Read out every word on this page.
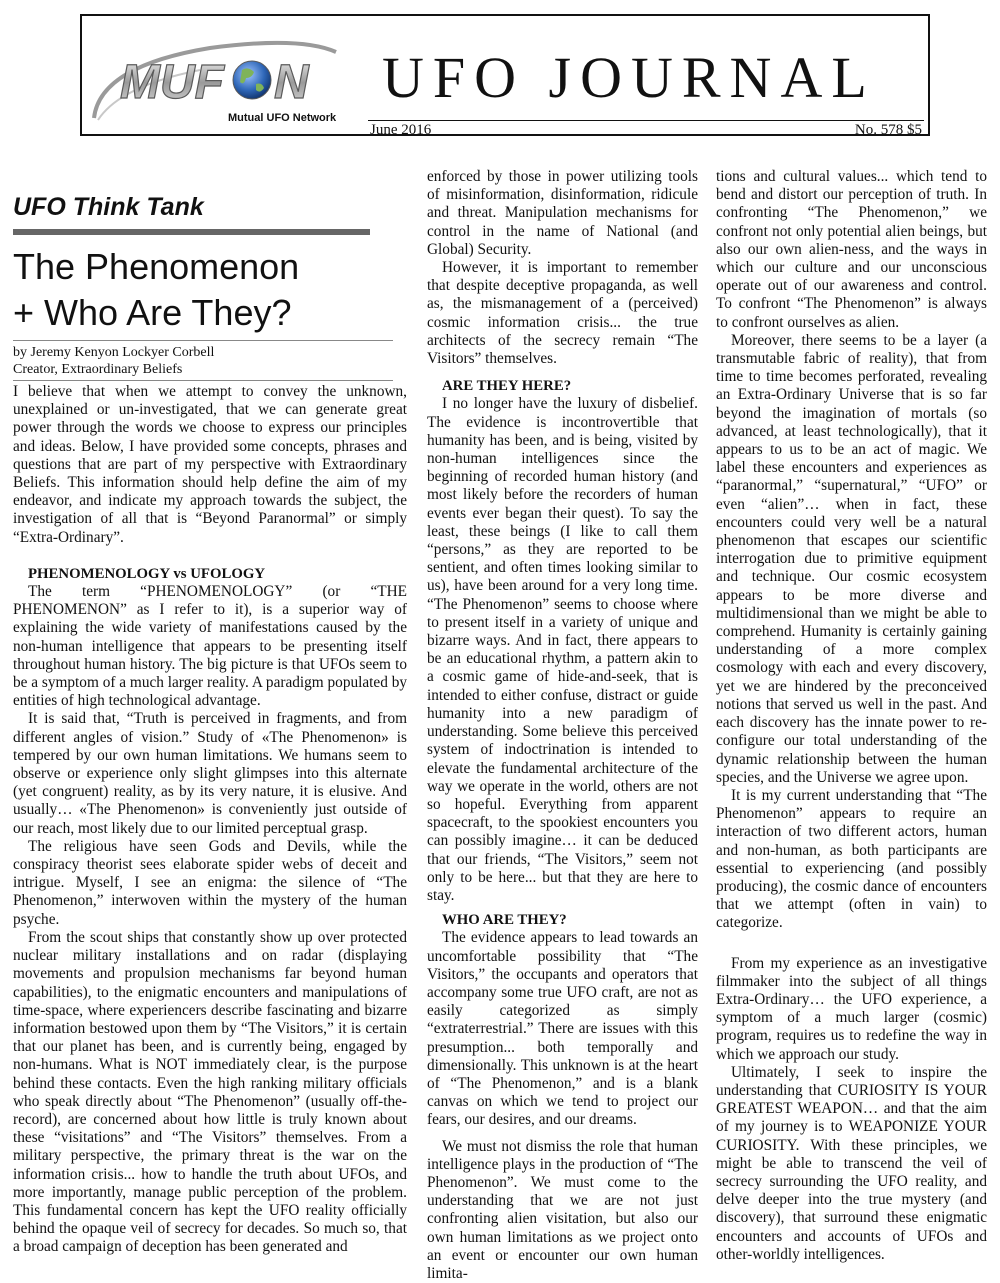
MUF N
Mutual UFO Network
UFO JOURNAL
June 2016	No. 578 $5
UFO Think Tank
The Phenomenon
+ Who Are They?
by Jeremy Kenyon Lockyer Corbell
Creator, Extraordinary Beliefs

I believe that when we attempt to convey the unknown, unexplained or un-investigated, that we can generate great power through the words we choose to express our principles and ideas. Below, I have provided some concepts, phrases and questions that are part of my perspective with Extraordinary Beliefs. This information should help define the aim of my endeavor, and indicate my approach towards the subject, the investigation of all that is “Beyond Paranormal” or simply “Extra-Ordinary”.

PHENOMENOLOGY vs UFOLOGY

The term “PHENOMENOLOGY” (or “THE PHENOMENON” as I refer to it), is a superior way of explaining the wide variety of manifestations caused by the non-human intelligence that appears to be presenting itself throughout human history. The big picture is that UFOs seem to be a symptom of a much larger reality. A paradigm populated by entities of high technological advantage.

It is said that, “Truth is perceived in fragments, and from different angles of vision.” Study of «The Phenomenon» is tempered by our own human limitations. We humans seem to observe or experience only slight glimpses into this alternate (yet congruent) reality, as by its very nature, it is elusive. And usually… «The Phenomenon» is conveniently just outside of our reach, most likely due to our limited perceptual grasp.

The religious have seen Gods and Devils, while the conspiracy theorist sees elaborate spider webs of deceit and intrigue. Myself, I see an enigma: the silence of “The Phenomenon,” interwoven within the mystery of the human psyche.

From the scout ships that constantly show up over protected nuclear military installations and on radar (displaying movements and propulsion mechanisms far beyond human capabilities), to the enigmatic encounters and manipulations of time-space, where experiencers describe fascinating and bizarre information bestowed upon them by “The Visitors,” it is certain that our planet has been, and is currently being, engaged by non-humans. What is NOT immediately clear, is the purpose behind these contacts. Even the high ranking military officials who speak directly about “The Phenomenon” (usually off-the-record), are concerned about how little is truly known about these “visitations” and “The Visitors” themselves. From a military perspective, the primary threat is the war on the information crisis... how to handle the truth about UFOs, and more importantly, manage public perception of the problem. This fundamental concern has kept the UFO reality officially behind the opaque veil of secrecy for decades. So much so, that a broad campaign of deception has been generated and

enforced by those in power utilizing tools of misinformation, disinformation, ridicule and threat. Manipulation mechanisms for control in the name of National (and Global) Security.

However, it is important to remember that despite deceptive propaganda, as well as, the mismanagement of a (perceived) cosmic information crisis... the true architects of the secrecy remain “The Visitors” themselves.

ARE THEY HERE?

I no longer have the luxury of disbelief. The evidence is incontrovertible that humanity has been, and is being, visited by non-human intelligences since the beginning of recorded human history (and most likely before the recorders of human events ever began their quest). To say the least, these beings (I like to call them “persons,” as they are reported to be sentient, and often times looking similar to us), have been around for a very long time. “The Phenomenon” seems to choose where to present itself in a variety of unique and bizarre ways. And in fact, there appears to be an educational rhythm, a pattern akin to a cosmic game of hide-and-seek, that is intended to either confuse, distract or guide humanity into a new paradigm of understanding. Some believe this perceived system of indoctrination is intended to elevate the fundamental architecture of the way we operate in the world, others are not so hopeful. Everything from apparent spacecraft, to the spookiest encounters you can possibly imagine… it can be deduced that our friends, “The Visitors,” seem not only to be here... but that they are here to stay.

WHO ARE THEY?

The evidence appears to lead towards an uncomfortable possibility that “The Visitors,” the occupants and operators that accompany some true UFO craft, are not as easily categorized as simply “extraterrestrial.” There are issues with this presumption... both temporally and dimensionally. This unknown is at the heart of “The Phenomenon,” and is a blank canvas on which we tend to project our fears, our desires, and our dreams.

We must not dismiss the role that human intelligence plays in the production of “The Phenomenon”. We must come to the understanding that we are not just confronting alien visitation, but also our own human limitations as we project onto an event or encounter our own human limita-

tions and cultural values... which tend to bend and distort our perception of truth. In confronting “The Phenomenon,” we confront not only potential alien beings, but also our own alien-ness, and the ways in which our culture and our unconscious operate out of our awareness and control. To confront “The Phenomenon” is always to confront ourselves as alien.

Moreover, there seems to be a layer (a transmutable fabric of reality), that from time to time becomes perforated, revealing an Extra-Ordinary Universe that is so far beyond the imagination of mortals (so advanced, at least technologically), that it appears to us to be an act of magic. We label these encounters and experiences as “paranormal,” “supernatural,” “UFO” or even “alien”… when in fact, these encounters could very well be a natural phenomenon that escapes our scientific interrogation due to primitive equipment and technique. Our cosmic ecosystem appears to be more diverse and multidimensional than we might be able to comprehend. Humanity is certainly gaining understanding of a more complex cosmology with each and every discovery, yet we are hindered by the preconceived notions that served us well in the past. And each discovery has the innate power to re-configure our total understanding of the dynamic relationship between the human species, and the Universe we agree upon.

It is my current understanding that “The Phenomenon” appears to require an interaction of two different actors, human and non-human, as both participants are essential to experiencing (and possibly producing), the cosmic dance of encounters that we attempt (often in vain) to categorize.

From my experience as an investigative filmmaker into the subject of all things Extra-Ordinary… the UFO experience, a symptom of a much larger (cosmic) program, requires us to redefine the way in which we approach our study.

Ultimately, I seek to inspire the understanding that CURIOSITY IS YOUR GREATEST WEAPON… and that the aim of my journey is to WEAPONIZE YOUR CURIOSITY. With these principles, we might be able to transcend the veil of secrecy surrounding the UFO reality, and delve deeper into the true mystery (and discovery), that surround these enigmatic encounters and accounts of UFOs and other-worldly intelligences.
